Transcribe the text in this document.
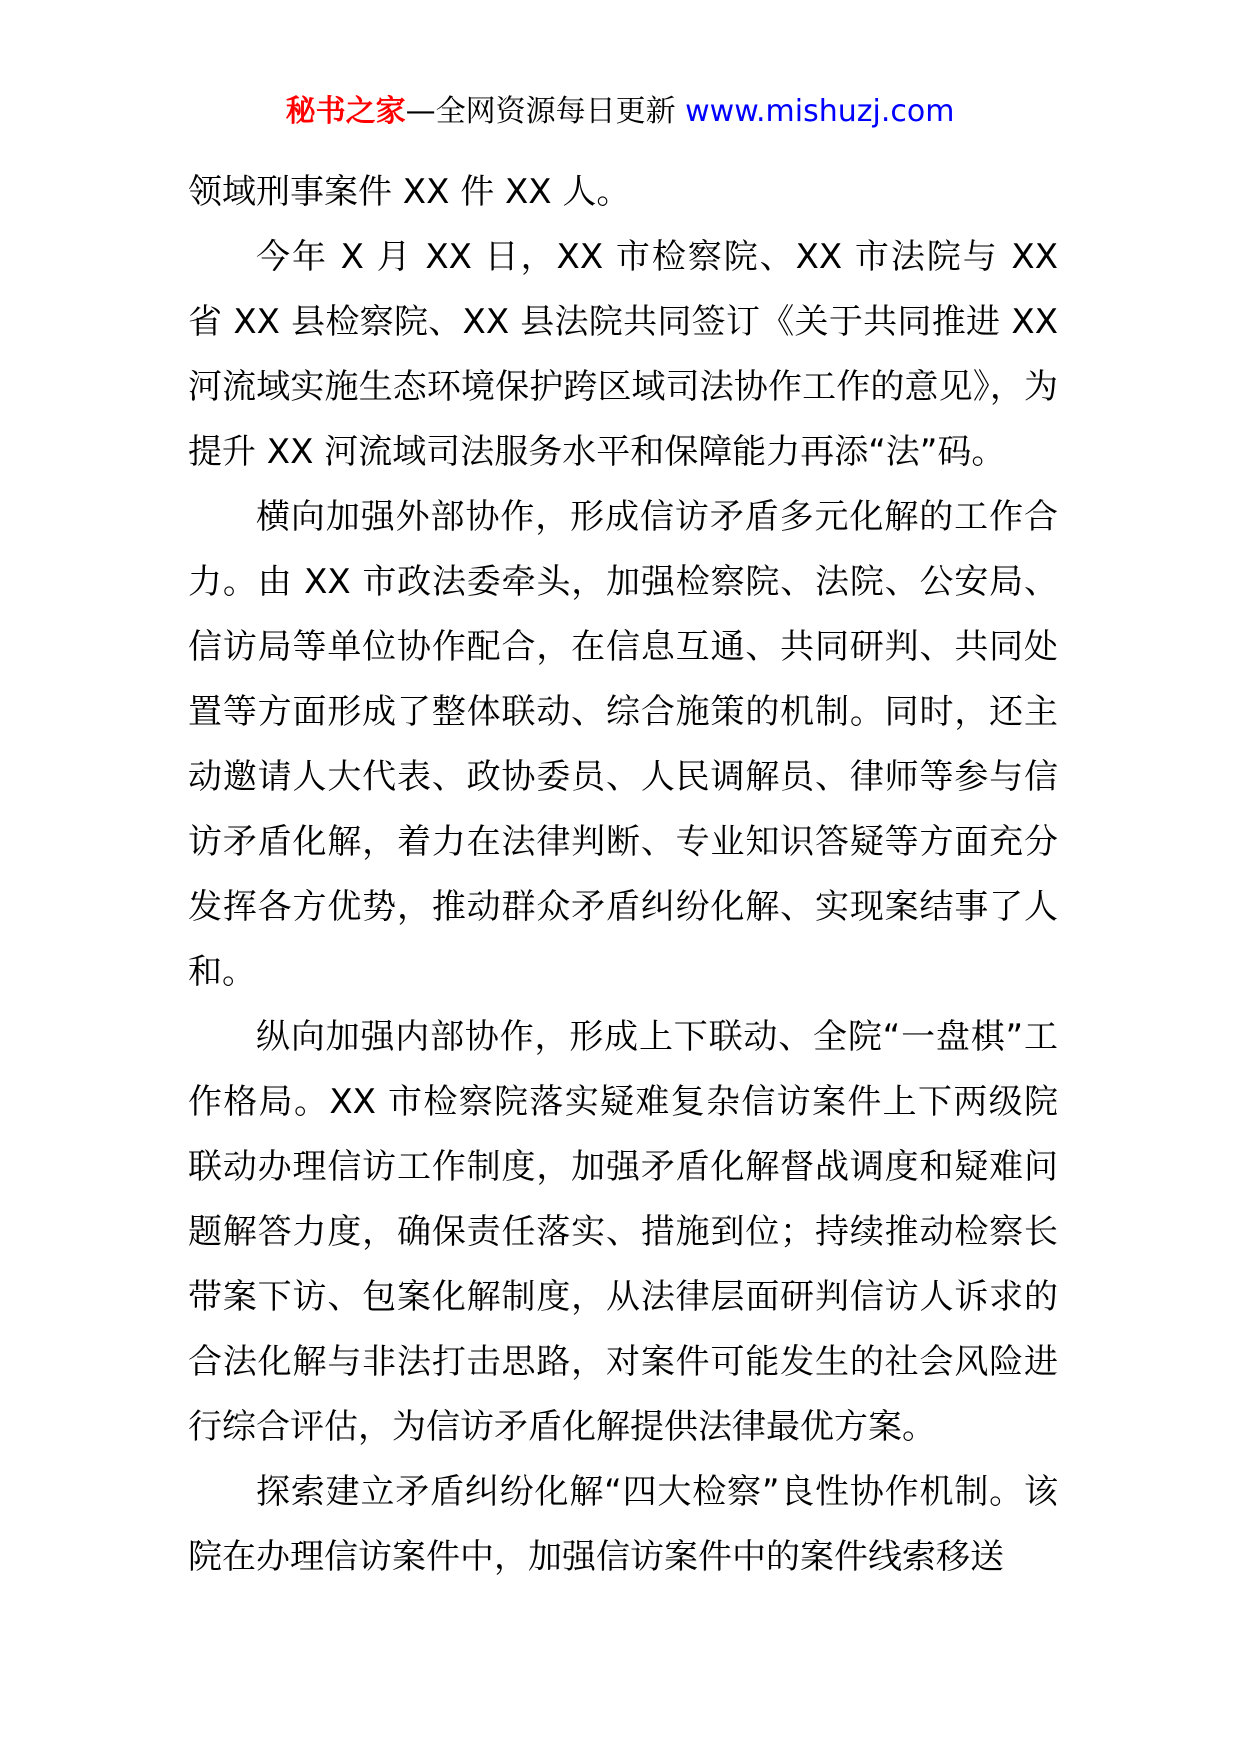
秘书之家—全网资源每日更新 www.mishuzj.com

领域刑事案件 XX 件 XX 人。

今年 X 月 XX 日，XX 市检察院、XX 市法院与 XX 省 XX 县检察院、XX 县法院共同签订《关于共同推进 XX 河流域实施生态环境保护跨区域司法协作工作的意见》，为提升 XX 河流域司法服务水平和保障能力再添“法”码。

横向加强外部协作，形成信访矛盾多元化解的工作合力。由 XX 市政法委牵头，加强检察院、法院、公安局、信访局等单位协作配合，在信息互通、共同研判、共同处置等方面形成了整体联动、综合施策的机制。同时，还主动邀请人大代表、政协委员、人民调解员、律师等参与信访矛盾化解，着力在法律判断、专业知识答疑等方面充分发挥各方优势，推动群众矛盾纠纷化解、实现案结事了人和。

纵向加强内部协作，形成上下联动、全院“一盘棋”工作格局。XX 市检察院落实疑难复杂信访案件上下两级院联动办理信访工作制度，加强矛盾化解督战调度和疑难问题解答力度，确保责任落实、措施到位；持续推动检察长带案下访、包案化解制度，从法律层面研判信访人诉求的合法化解与非法打击思路，对案件可能发生的社会风险进行综合评估，为信访矛盾化解提供法律最优方案。

探索建立矛盾纠纷化解“四大检察”良性协作机制。该院在办理信访案件中，加强信访案件中的案件线索移送
